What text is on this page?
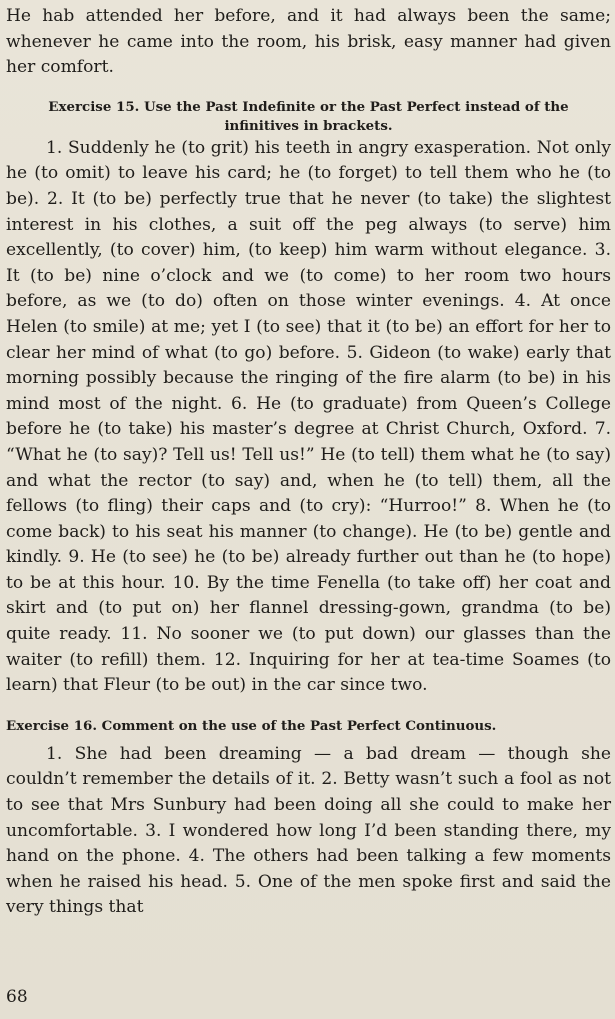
He hab attended her before, and it had always been the same; whenever he came into the room, his brisk, easy manner had given her comfort.

Exercise 15. Use the Past Indefinite or the Past Perfect instead of the
infinitives in brackets.

1. Suddenly he (to grit) his teeth in angry exasperation. Not only he (to omit) to leave his card; he (to forget) to tell them who he (to be). 2. It (to be) perfectly true that he never (to take) the slightest interest in his clothes, a suit off the peg always (to serve) him excellently, (to cover) him, (to keep) him warm without elegance. 3. It (to be) nine o’clock and we (to come) to her room two hours before, as we (to do) often on those winter evenings. 4. At once Helen (to smile) at me; yet I (to see) that it (to be) an effort for her to clear her mind of what (to go) before. 5. Gideon (to wake) early that morning possibly because the ringing of the fire alarm (to be) in his mind most of the night. 6. He (to graduate) from Queen’s College before he (to take) his master’s degree at Christ Church, Oxford. 7. “What he (to say)? Tell us! Tell us!” He (to tell) them what he (to say) and what the rector (to say) and, when he (to tell) them, all the fellows (to fling) their caps and (to cry): “Hurroo!” 8. When he (to come back) to his seat his manner (to change). He (to be) gentle and kindly. 9. He (to see) he (to be) already further out than he (to hope) to be at this hour. 10. By the time Fenella (to take off) her coat and skirt and (to put on) her flannel dressing-gown, grandma (to be) quite ready. 11. No sooner we (to put down) our glasses than the waiter (to refill) them. 12. Inquiring for her at tea-time Soames (to learn) that Fleur (to be out) in the car since two.

Exercise 16. Comment on the use of the Past Perfect Continuous.

1. She had been dreaming — a bad dream — though she couldn’t remember the details of it. 2. Betty wasn’t such a fool as not to see that Mrs Sunbury had been doing all she could to make her uncomfortable. 3. I wondered how long I’d been standing there, my hand on the phone. 4. The others had been talking a few moments when he raised his head. 5. One of the men spoke first and said the very things that

68
